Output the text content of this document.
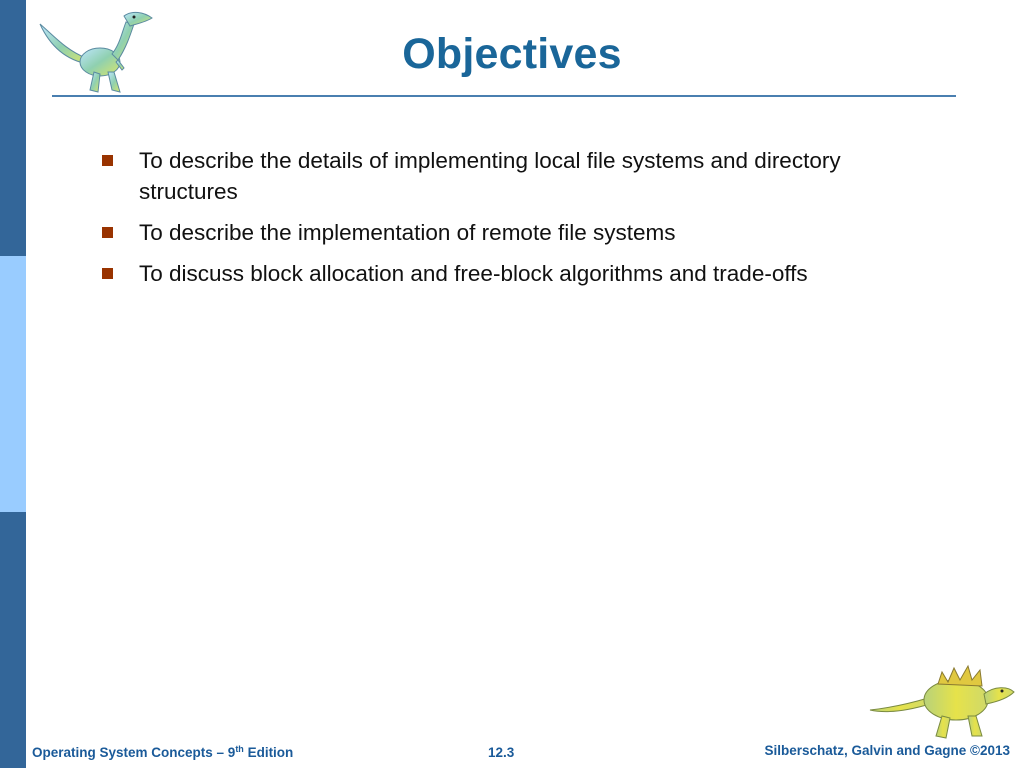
Objectives
To describe the details of implementing local file systems and directory structures
To describe the implementation of remote file systems
To discuss block allocation and free-block algorithms and trade-offs
Operating System Concepts – 9th Edition	12.3	Silberschatz, Galvin and Gagne ©2013
